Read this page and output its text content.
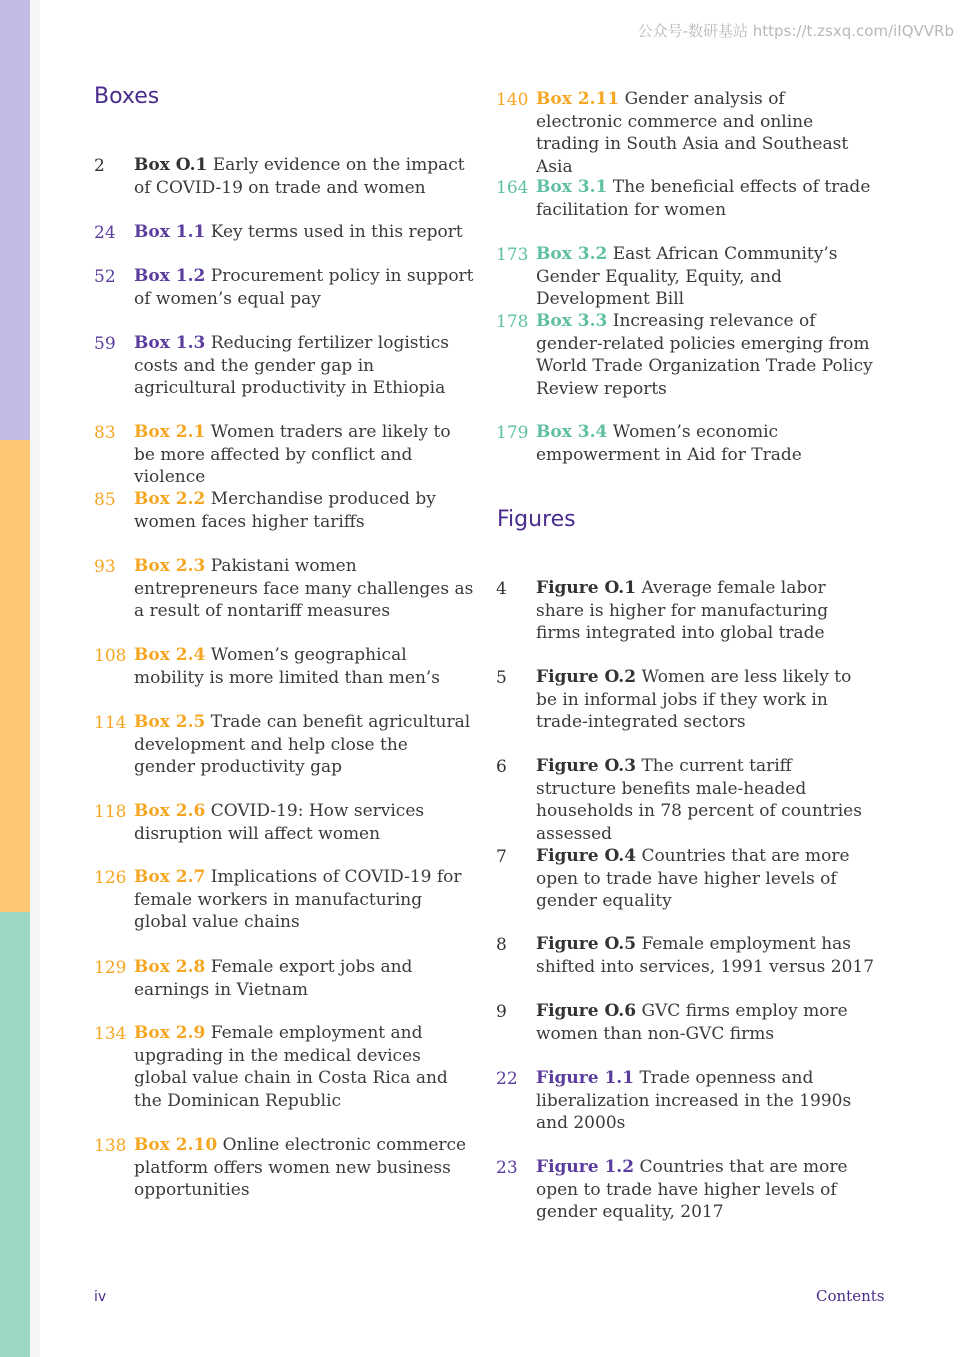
公众号-数研基站 https://t.zsxq.com/iIQVVRb
Boxes
Figures
2 Box O.1 Early evidence on the impact of COVID-19 on trade and women
24 Box 1.1 Key terms used in this report
52 Box 1.2 Procurement policy in support of women’s equal pay
59 Box 1.3 Reducing fertilizer logistics costs and the gender gap in agricultural productivity in Ethiopia
83 Box 2.1 Women traders are likely to be more affected by conflict and violence
85 Box 2.2 Merchandise produced by women faces higher tariffs
93 Box 2.3 Pakistani women entrepreneurs face many challenges as a result of nontariff measures
108 Box 2.4 Women’s geographical mobility is more limited than men’s
114 Box 2.5 Trade can benefit agricultural development and help close the gender productivity gap
118 Box 2.6 COVID-19: How services disruption will affect women
126 Box 2.7 Implications of COVID-19 for female workers in manufacturing global value chains
129 Box 2.8 Female export jobs and earnings in Vietnam
134 Box 2.9 Female employment and upgrading in the medical devices global value chain in Costa Rica and the Dominican Republic
138 Box 2.10 Online electronic commerce platform offers women new business opportunities
140 Box 2.11 Gender analysis of electronic commerce and online trading in South Asia and Southeast Asia
164 Box 3.1 The beneficial effects of trade facilitation for women
173 Box 3.2 East African Community’s Gender Equality, Equity, and Development Bill
178 Box 3.3 Increasing relevance of gender-related policies emerging from World Trade Organization Trade Policy Review reports
179 Box 3.4 Women’s economic empowerment in Aid for Trade
4 Figure O.1 Average female labor share is higher for manufacturing firms integrated into global trade
5 Figure O.2 Women are less likely to be in informal jobs if they work in trade-integrated sectors
6 Figure O.3 The current tariff structure benefits male-headed households in 78 percent of countries assessed
7 Figure O.4 Countries that are more open to trade have higher levels of gender equality
8 Figure O.5 Female employment has shifted into services, 1991 versus 2017
9 Figure O.6 GVC firms employ more women than non-GVC firms
22 Figure 1.1 Trade openness and liberalization increased in the 1990s and 2000s
23 Figure 1.2 Countries that are more open to trade have higher levels of gender equality, 2017
iv	Contents
